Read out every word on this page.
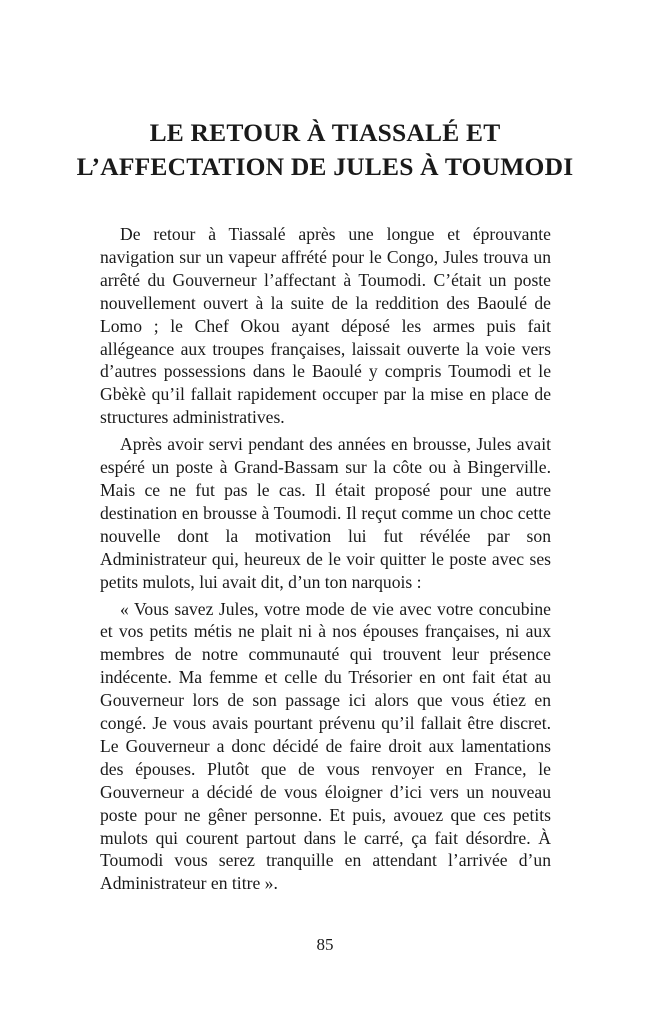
LE RETOUR À TIASSALÉ ET
L’AFFECTATION DE JULES À TOUMODI

De retour à Tiassalé après une longue et éprouvante navigation sur un vapeur affrété pour le Congo, Jules trouva un arrêté du Gouverneur l’affectant à Toumodi. C’était un poste nouvellement ouvert à la suite de la reddition des Baoulé de Lomo ; le Chef Okou ayant déposé les armes puis fait allégeance aux troupes françaises, laissait ouverte la voie vers d’autres possessions dans le Baoulé y compris Toumodi et le Gbèkè qu’il fallait rapidement occuper par la mise en place de structures administratives.

Après avoir servi pendant des années en brousse, Jules avait espéré un poste à Grand-Bassam sur la côte ou à Bingerville. Mais ce ne fut pas le cas. Il était proposé pour une autre destination en brousse à Toumodi. Il reçut comme un choc cette nouvelle dont la motivation lui fut révélée par son Administrateur qui, heureux de le voir quitter le poste avec ses petits mulots, lui avait dit, d’un ton narquois :

« Vous savez Jules, votre mode de vie avec votre concubine et vos petits métis ne plait ni à nos épouses françaises, ni aux membres de notre communauté qui trouvent leur présence indécente. Ma femme et celle du Trésorier en ont fait état au Gouverneur lors de son passage ici alors que vous étiez en congé. Je vous avais pourtant prévenu qu’il fallait être discret. Le Gouverneur a donc décidé de faire droit aux lamentations des épouses. Plutôt que de vous renvoyer en France, le Gouverneur a décidé de vous éloigner d’ici vers un nouveau poste pour ne gêner personne. Et puis, avouez que ces petits mulots qui courent partout dans le carré, ça fait désordre. À Toumodi vous serez tranquille en attendant l’arrivée d’un Administrateur en titre ».

85
